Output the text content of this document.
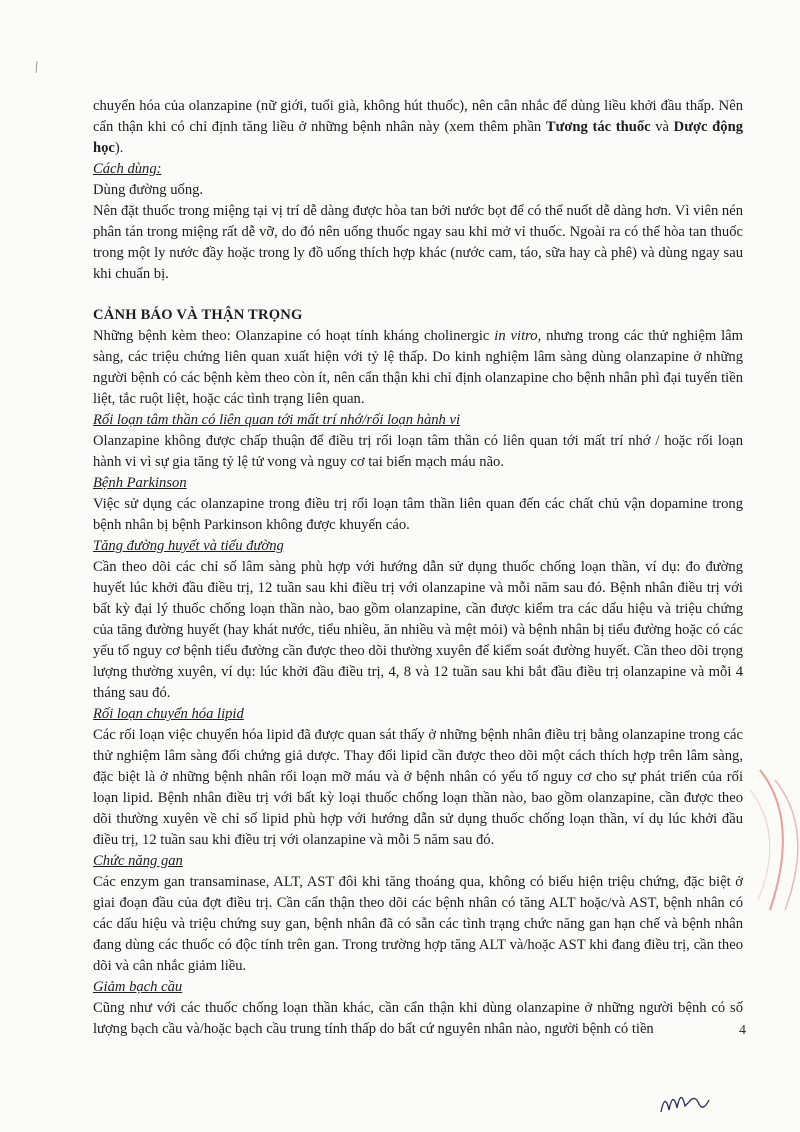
chuyển hóa của olanzapine (nữ giới, tuổi già, không hút thuốc), nên cân nhắc để dùng liều khởi đầu thấp. Nên cẩn thận khi có chỉ định tăng liều ở những bệnh nhân này (xem thêm phần Tương tác thuốc và Dược động học).

Cách dùng:

Dùng đường uống.

Nên đặt thuốc trong miệng tại vị trí dễ dàng được hòa tan bởi nước bọt để có thể nuốt dễ dàng hơn. Vì viên nén phân tán trong miệng rất dễ vỡ, do đó nên uống thuốc ngay sau khi mở vỉ thuốc. Ngoài ra có thể hòa tan thuốc trong một ly nước đầy hoặc trong ly đồ uống thích hợp khác (nước cam, táo, sữa hay cà phê) và dùng ngay sau khi chuẩn bị.

CẢNH BÁO VÀ THẬN TRỌNG

Những bệnh kèm theo: Olanzapine có hoạt tính kháng cholinergic in vitro, nhưng trong các thử nghiệm lâm sàng, các triệu chứng liên quan xuất hiện với tỷ lệ thấp. Do kinh nghiệm lâm sàng dùng olanzapine ở những người bệnh có các bệnh kèm theo còn ít, nên cẩn thận khi chỉ định olanzapine cho bệnh nhân phì đại tuyến tiền liệt, tắc ruột liệt, hoặc các tình trạng liên quan.

Rối loạn tâm thần có liên quan tới mất trí nhớ/rối loạn hành vi

Olanzapine không được chấp thuận để điều trị rối loạn tâm thần có liên quan tới mất trí nhớ / hoặc rối loạn hành vi vì sự gia tăng tỷ lệ tử vong và nguy cơ tai biến mạch máu não.

Bệnh Parkinson

Việc sử dụng các olanzapine trong điều trị rối loạn tâm thần liên quan đến các chất chủ vận dopamine trong bệnh nhân bị bệnh Parkinson không được khuyến cáo.

Tăng đường huyết và tiểu đường

Cần theo dõi các chỉ số lâm sàng phù hợp với hướng dẫn sử dụng thuốc chống loạn thần, ví dụ: đo đường huyết lúc khởi đầu điều trị, 12 tuần sau khi điều trị với olanzapine và mỗi năm sau đó. Bệnh nhân điều trị với bất kỳ đại lý thuốc chống loạn thần nào, bao gồm olanzapine, cần được kiểm tra các dấu hiệu và triệu chứng của tăng đường huyết (hay khát nước, tiểu nhiều, ăn nhiều và mệt mỏi) và bệnh nhân bị tiểu đường hoặc có các yếu tố nguy cơ bệnh tiểu đường cần được theo dõi thường xuyên để kiểm soát đường huyết. Cần theo dõi trọng lượng thường xuyên, ví dụ: lúc khởi đầu điều trị, 4, 8 và 12 tuần sau khi bắt đầu điều trị olanzapine và mỗi 4 tháng sau đó.

Rối loạn chuyển hóa lipid

Các rối loạn việc chuyển hóa lipid đã được quan sát thấy ở những bệnh nhân điều trị bằng olanzapine trong các thử nghiệm lâm sàng đối chứng giả dược. Thay đổi lipid cần được theo dõi một cách thích hợp trên lâm sàng, đặc biệt là ở những bệnh nhân rối loạn mỡ máu và ở bệnh nhân có yếu tố nguy cơ cho sự phát triển của rối loạn lipid. Bệnh nhân điều trị với bất kỳ loại thuốc chống loạn thần nào, bao gồm olanzapine, cần được theo dõi thường xuyên về chỉ số lipid phù hợp với hướng dẫn sử dụng thuốc chống loạn thần, ví dụ lúc khởi đầu điều trị, 12 tuần sau khi điều trị với olanzapine và mỗi 5 năm sau đó.

Chức năng gan

Các enzym gan transaminase, ALT, AST đôi khi tăng thoáng qua, không có biểu hiện triệu chứng, đặc biệt ở giai đoạn đầu của đợt điều trị. Cần cẩn thận theo dõi các bệnh nhân có tăng ALT hoặc/và AST, bệnh nhân có các dấu hiệu và triệu chứng suy gan, bệnh nhân đã có sẵn các tình trạng chức năng gan hạn chế và bệnh nhân đang dùng các thuốc có độc tính trên gan. Trong trường hợp tăng ALT và/hoặc AST khi đang điều trị, cần theo dõi và cân nhắc giảm liều.

Giảm bạch cầu

Cũng như với các thuốc chống loạn thần khác, cần cẩn thận khi dùng olanzapine ở những người bệnh có số lượng bạch cầu và/hoặc bạch cầu trung tính thấp do bất cứ nguyên nhân nào, người bệnh có tiền	4
